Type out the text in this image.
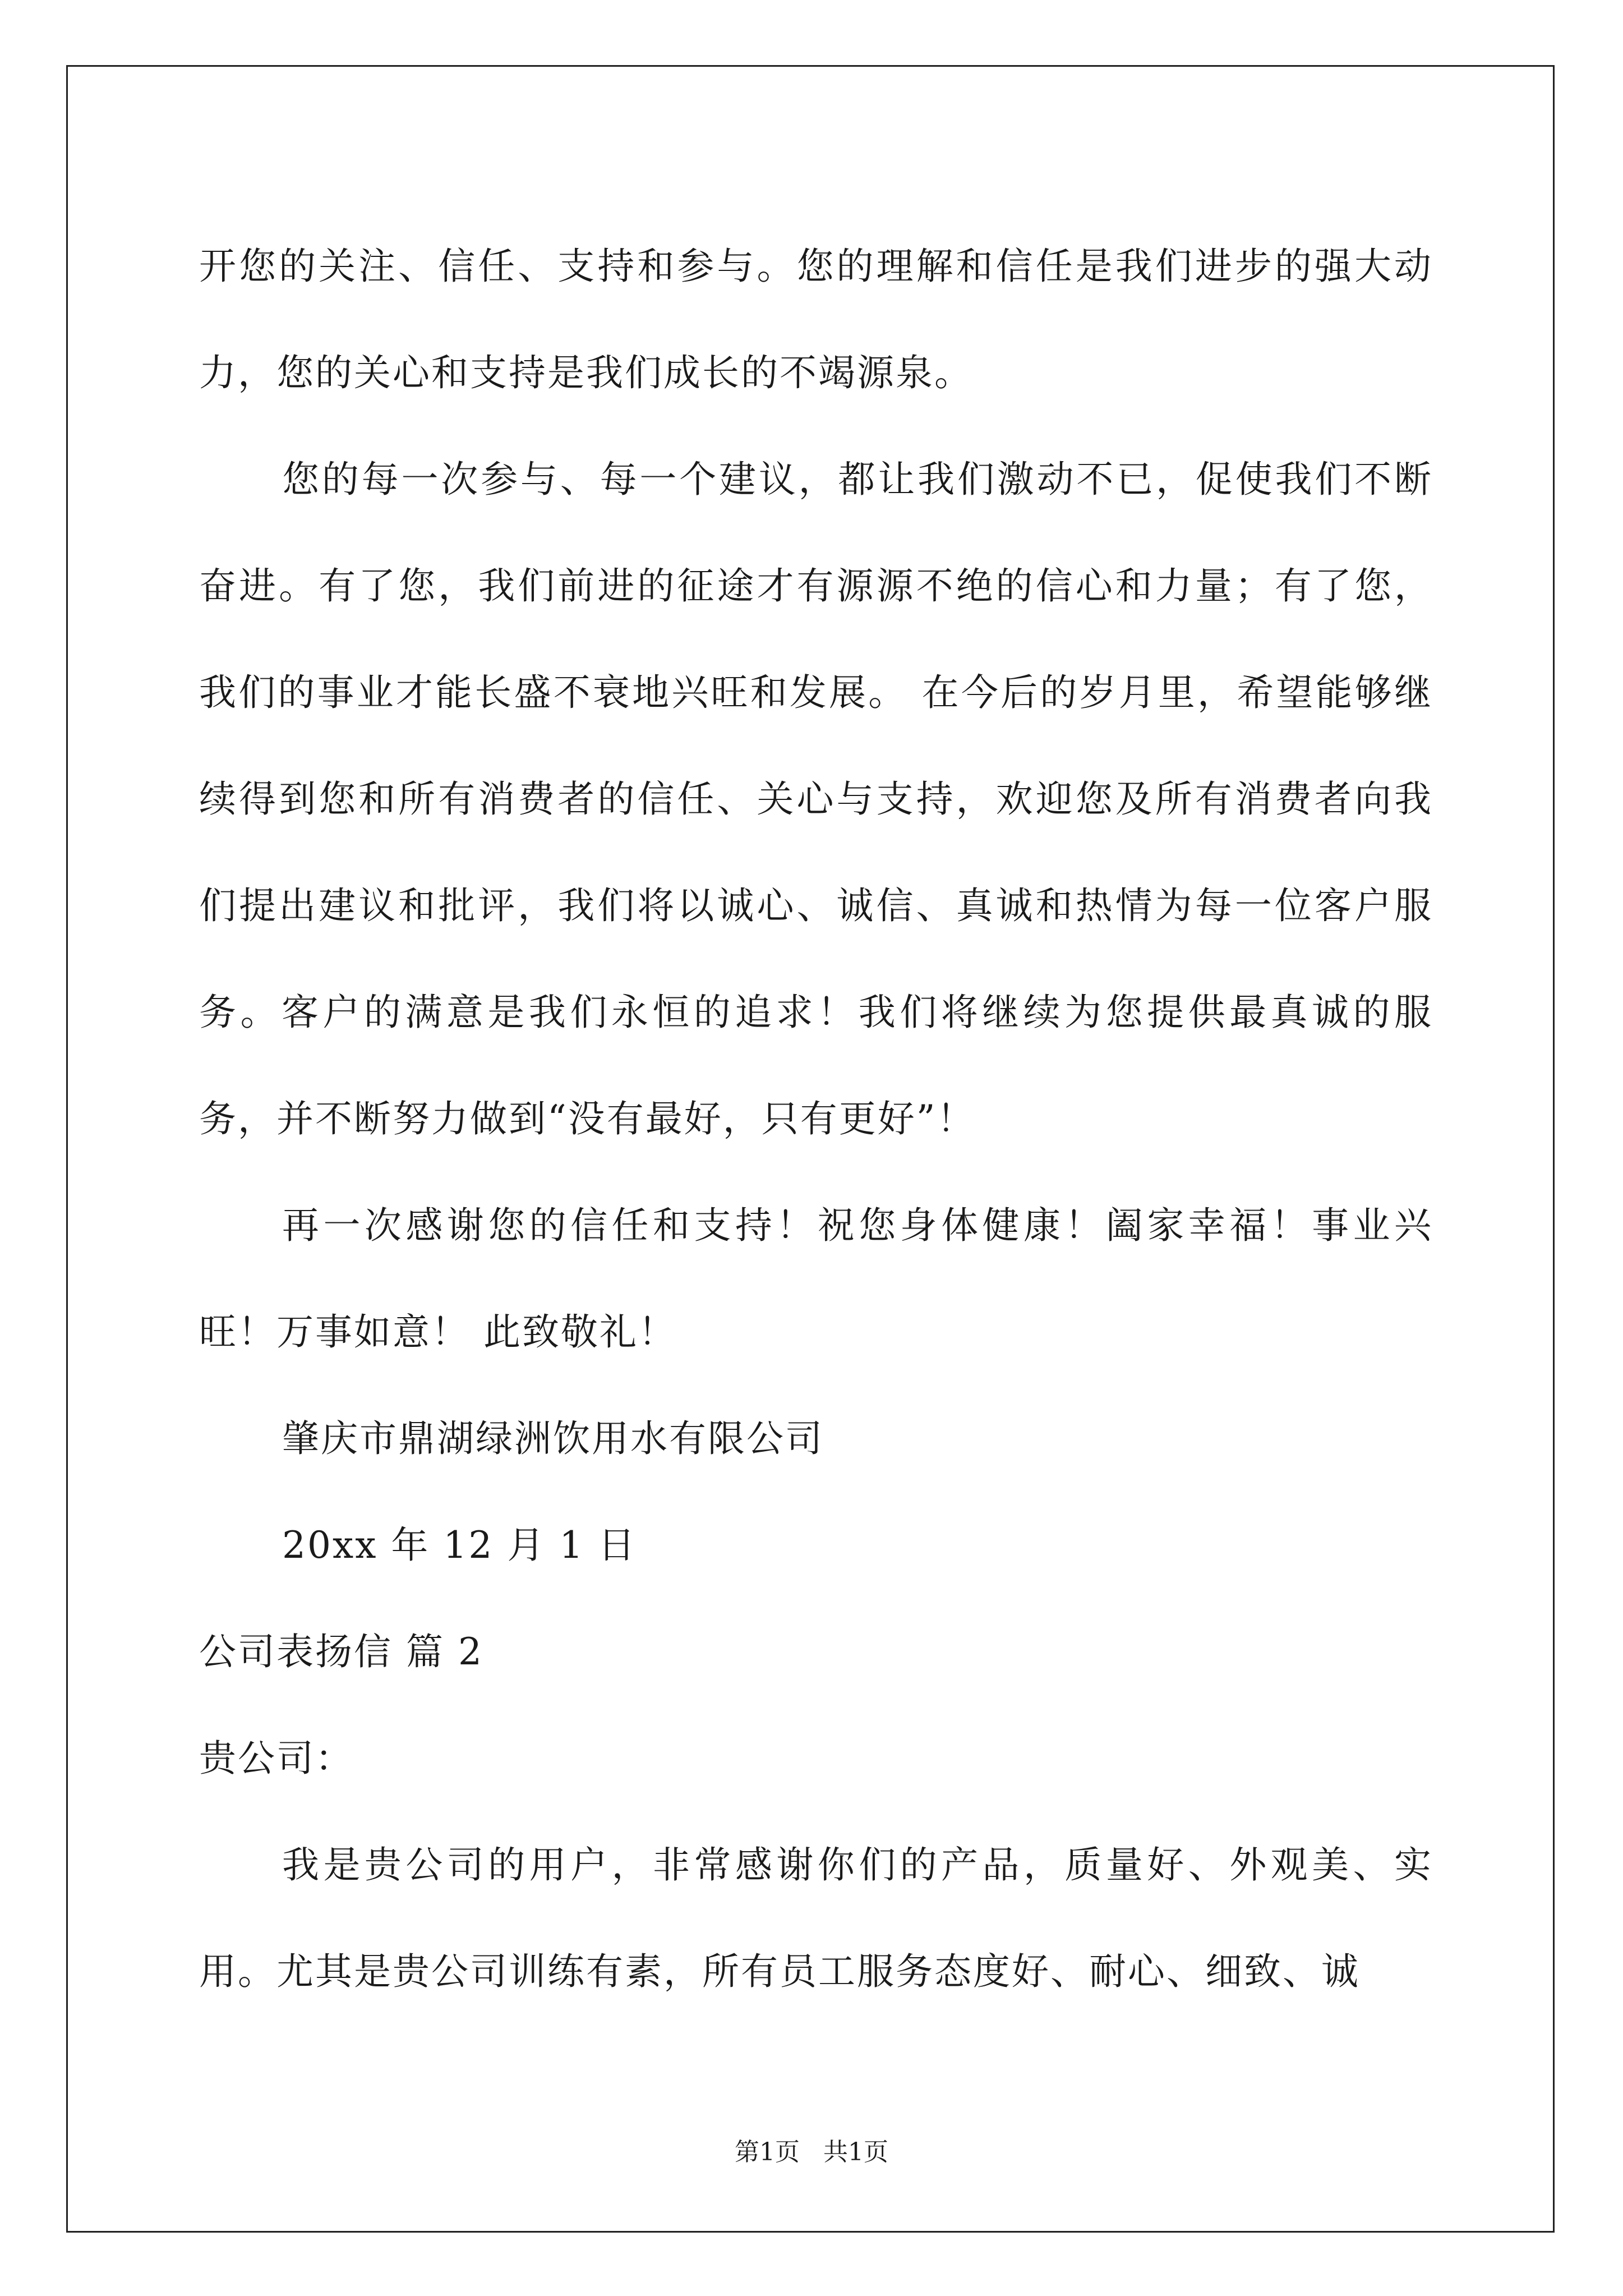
开您的关注、信任、支持和参与。您的理解和信任是我们进步的强大动力，您的关心和支持是我们成长的不竭源泉。

您的每一次参与、每一个建议，都让我们激动不已，促使我们不断奋进。有了您，我们前进的征途才有源源不绝的信心和力量；有了您，我们的事业才能长盛不衰地兴旺和发展。 在今后的岁月里，希望能够继续得到您和所有消费者的信任、关心与支持，欢迎您及所有消费者向我们提出建议和批评，我们将以诚心、诚信、真诚和热情为每一位客户服务。客户的满意是我们永恒的追求！我们将继续为您提供最真诚的服务，并不断努力做到“没有最好，只有更好”！

再一次感谢您的信任和支持！祝您身体健康！阖家幸福！事业兴旺！万事如意！ 此致敬礼！

肇庆市鼎湖绿洲饮用水有限公司

20xx 年 12 月 1 日

公司表扬信 篇 2

贵公司：

我是贵公司的用户，非常感谢你们的产品，质量好、外观美、实用。尤其是贵公司训练有素，所有员工服务态度好、耐心、细致、诚

第1页   共1页
